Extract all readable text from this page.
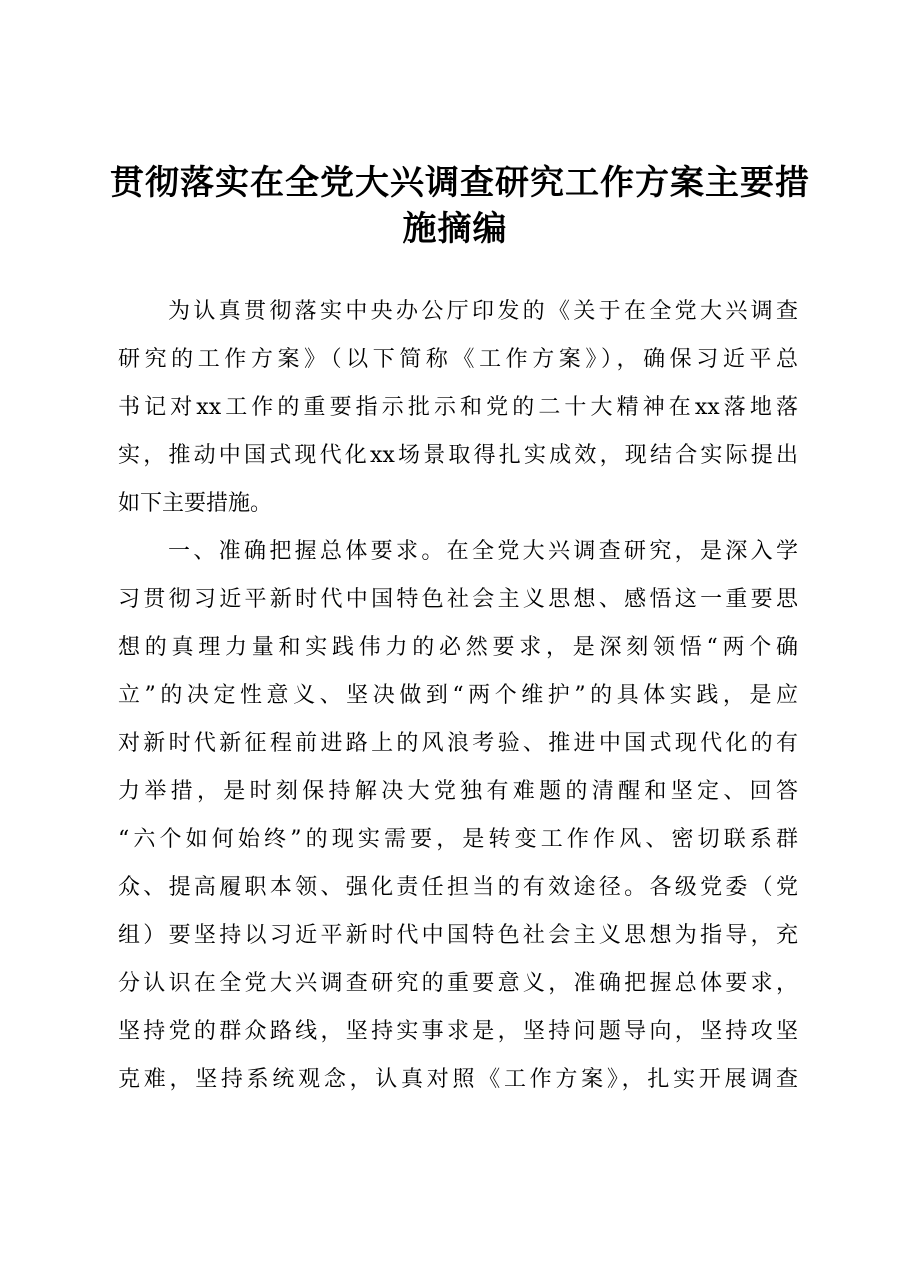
贯彻落实在全党大兴调查研究工作方案主要措
施摘编
为认真贯彻落实中央办公厅印发的《关于在全党大兴调查
研究的工作方案》（以下简称《工作方案》），确保习近平总
书记对xx工作的重要指示批示和党的二十大精神在xx落地落
实，推动中国式现代化xx场景取得扎实成效，现结合实际提出
如下主要措施。
一、准确把握总体要求。在全党大兴调查研究，是深入学
习贯彻习近平新时代中国特色社会主义思想、感悟这一重要思
想的真理力量和实践伟力的必然要求，是深刻领悟“两个确
立”的决定性意义、坚决做到“两个维护”的具体实践，是应
对新时代新征程前进路上的风浪考验、推进中国式现代化的有
力举措，是时刻保持解决大党独有难题的清醒和坚定、回答
“六个如何始终”的现实需要，是转变工作作风、密切联系群
众、提高履职本领、强化责任担当的有效途径。各级党委（党
组）要坚持以习近平新时代中国特色社会主义思想为指导，充
分认识在全党大兴调查研究的重要意义，准确把握总体要求，
坚持党的群众路线，坚持实事求是，坚持问题导向，坚持攻坚
克难，坚持系统观念，认真对照《工作方案》，扎实开展调查
